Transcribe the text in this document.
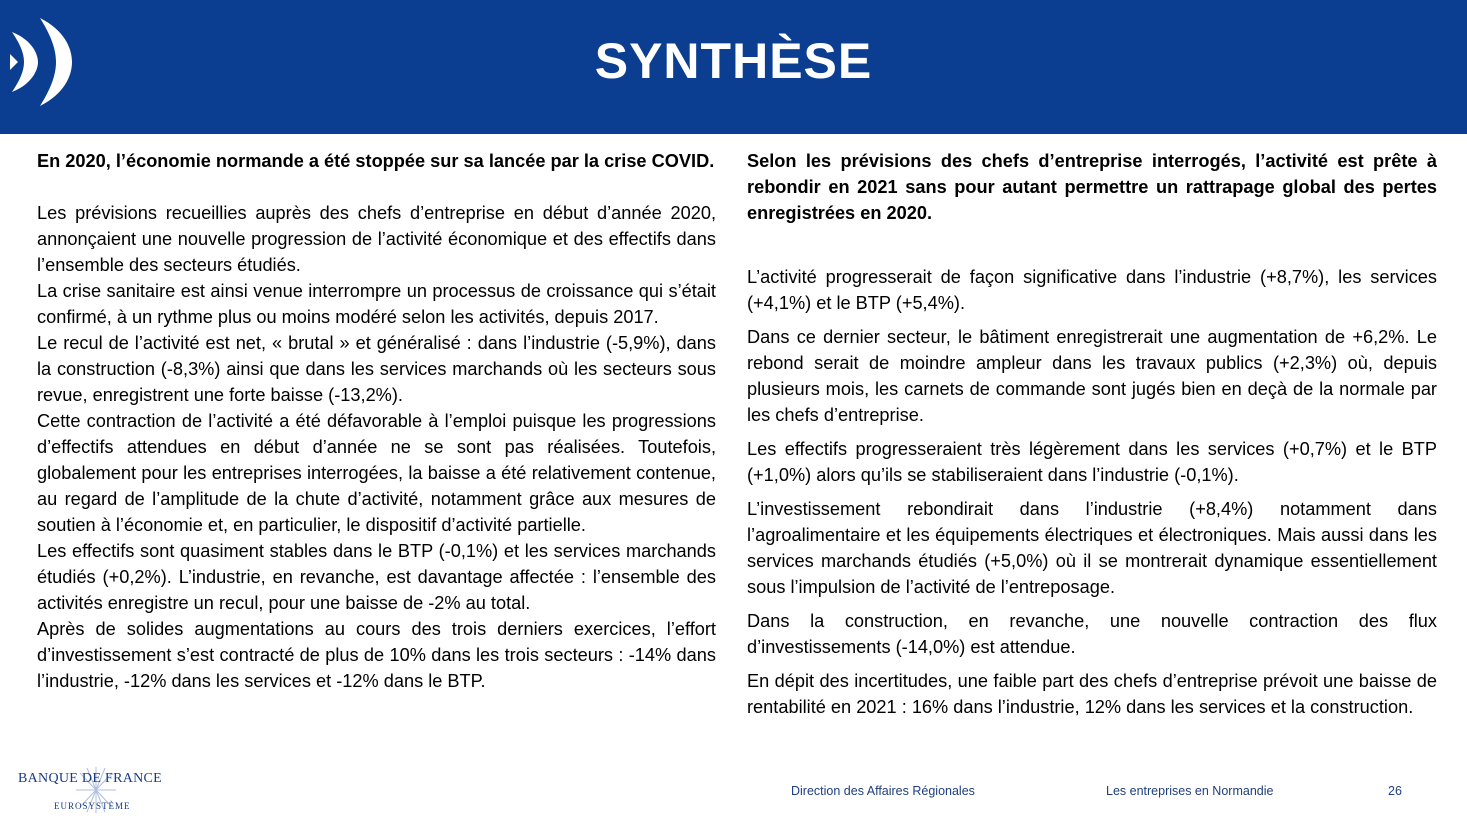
SYNTHÈSE

En 2020, l’économie normande a été stoppée sur sa lancée par la crise COVID.

Les prévisions recueillies auprès des chefs d’entreprise en début d’année 2020, annonçaient une nouvelle progression de l’activité économique et des effectifs dans l’ensemble des secteurs étudiés.

La crise sanitaire est ainsi venue interrompre un processus de croissance qui s’était confirmé, à un rythme plus ou moins modéré selon les activités, depuis 2017.

Le recul de l’activité est net, « brutal » et généralisé : dans l’industrie (-5,9%), dans la construction (-8,3%) ainsi que dans les services marchands où les secteurs sous revue, enregistrent une forte baisse (-13,2%).

Cette contraction de l’activité a été défavorable à l’emploi puisque les progressions d’effectifs attendues en début d’année ne se sont pas réalisées. Toutefois, globalement pour les entreprises interrogées, la baisse a été relativement contenue, au regard de l’amplitude de la chute d’activité, notamment grâce aux mesures de soutien à l’économie et, en particulier, le dispositif d’activité partielle.

Les effectifs sont quasiment stables dans le BTP (-0,1%) et les services marchands étudiés (+0,2%). L’industrie, en revanche, est davantage affectée : l’ensemble des activités enregistre un recul, pour une baisse de -2% au total.

Après de solides augmentations au cours des trois derniers exercices, l’effort d’investissement s’est contracté de plus de 10% dans les trois secteurs : -14% dans l’industrie, -12% dans les services et -12% dans le BTP.

Selon les prévisions des chefs d’entreprise interrogés, l’activité est prête à rebondir en 2021 sans pour autant permettre un rattrapage global des pertes enregistrées en 2020.

L’activité progresserait de façon significative dans l’industrie (+8,7%), les services (+4,1%) et le BTP (+5,4%).

Dans ce dernier secteur, le bâtiment enregistrerait une augmentation de +6,2%. Le rebond serait de moindre ampleur dans les travaux publics (+2,3%) où, depuis plusieurs mois, les carnets de commande sont jugés bien en deçà de la normale par les chefs d’entreprise.

Les effectifs progresseraient très légèrement dans les services (+0,7%) et le BTP (+1,0%) alors qu’ils se stabiliseraient dans l’industrie (-0,1%).

L’investissement rebondirait dans l’industrie (+8,4%) notamment dans l’agroalimentaire et les équipements électriques et électroniques. Mais aussi dans les services marchands étudiés (+5,0%) où il se montrerait dynamique essentiellement sous l’impulsion de l’activité de l’entreposage.

Dans la construction, en revanche, une nouvelle contraction des flux d’investissements (-14,0%) est attendue.

En dépit des incertitudes, une faible part des chefs d’entreprise prévoit une baisse de rentabilité en 2021 : 16% dans l’industrie, 12% dans les services et la construction.

BANQUE DE FRANCE
EUROSYSTÈME
Direction des Affaires Régionales	Les entreprises en Normandie	26
